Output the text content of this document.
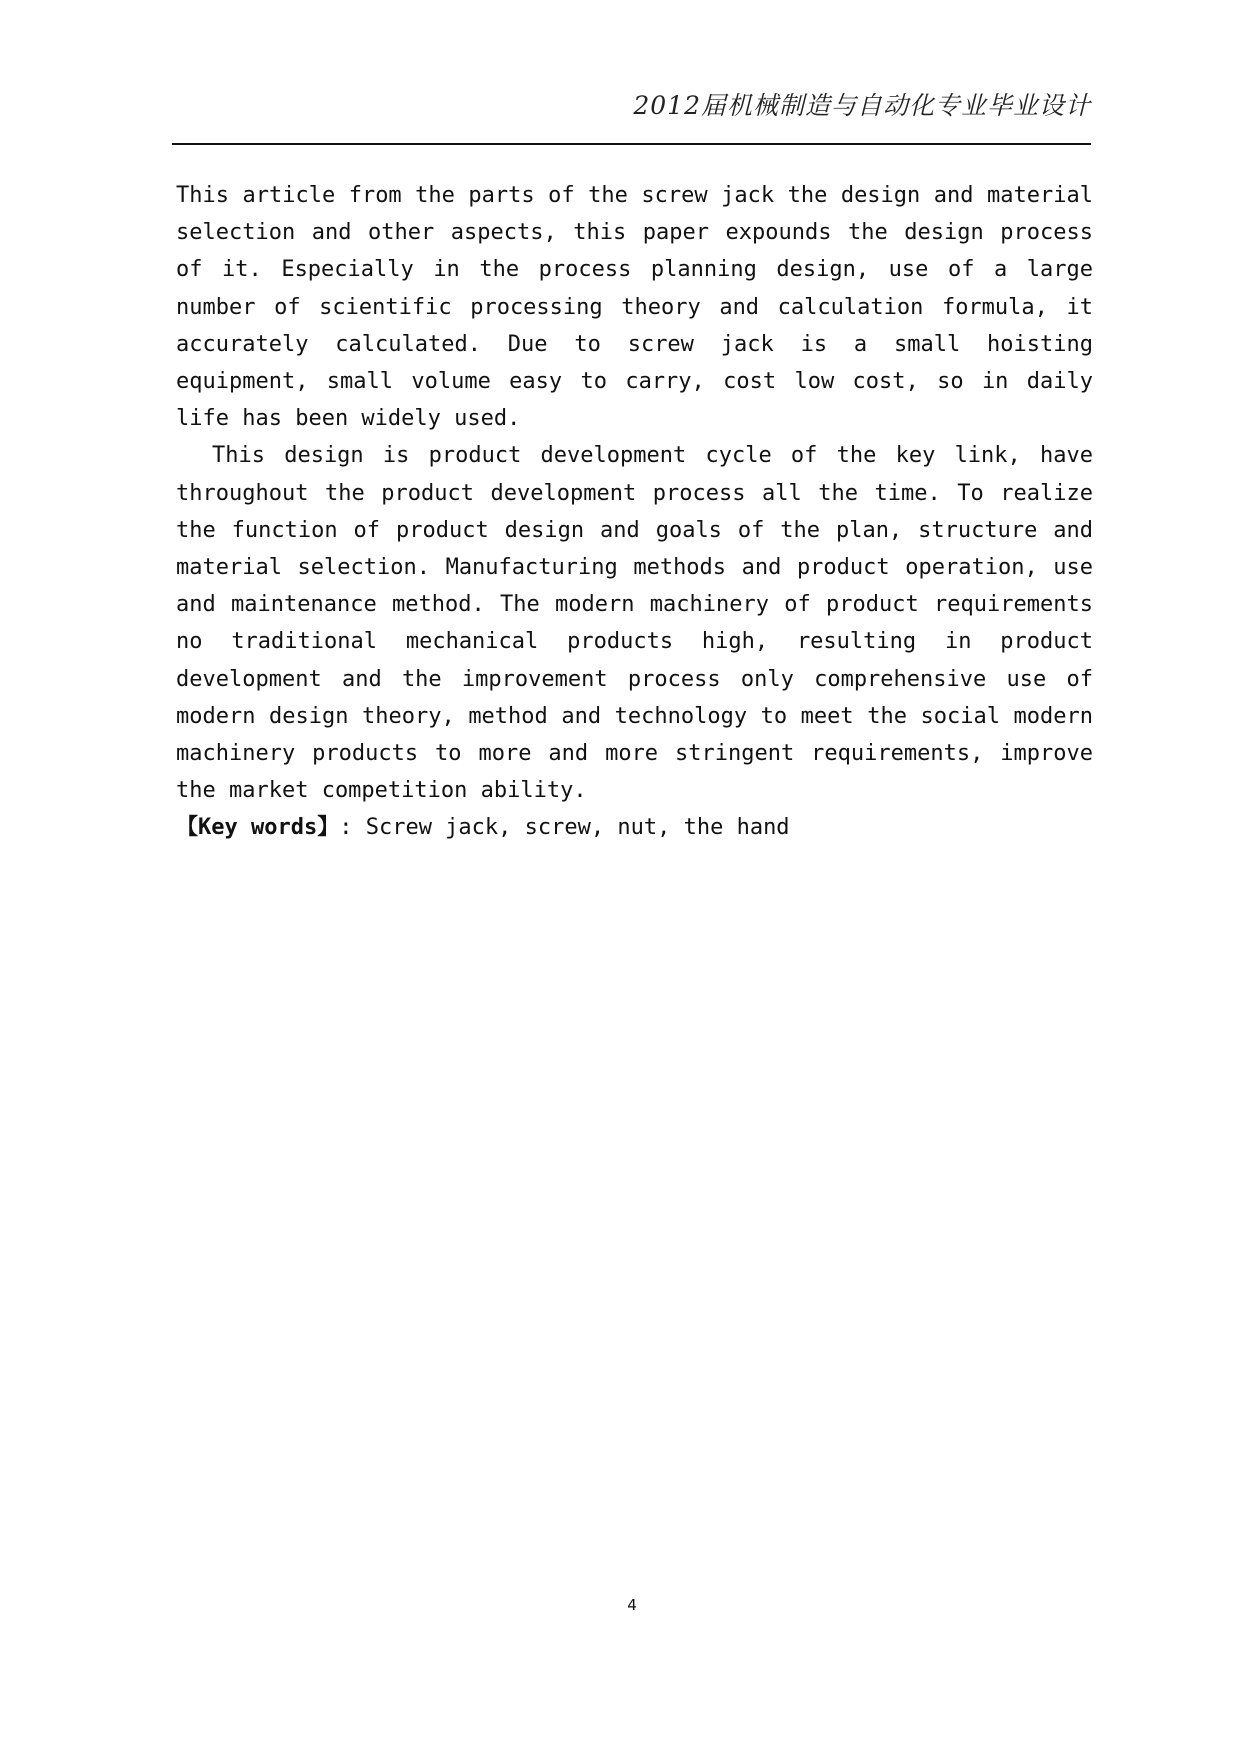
2012届机械制造与自动化专业毕业设计

This article from the parts of the screw jack the design and material selection and other aspects, this paper expounds the design process of it. Especially in the process planning design, use of a large number of scientific processing theory and calculation formula, it accurately calculated. Due to screw jack is a small hoisting equipment, small volume easy to carry, cost low cost, so in daily life has been widely used.

This design is product development cycle of the key link, have throughout the product development process all the time. To realize the function of product design and goals of the plan, structure and material selection. Manufacturing methods and product operation, use and maintenance method. The modern machinery of product requirements no traditional mechanical products high, resulting in product development and the improvement process only comprehensive use of modern design theory, method and technology to meet the social modern machinery products to more and more stringent requirements, improve the market competition ability.

【Key words】: Screw jack, screw, nut, the hand

4
